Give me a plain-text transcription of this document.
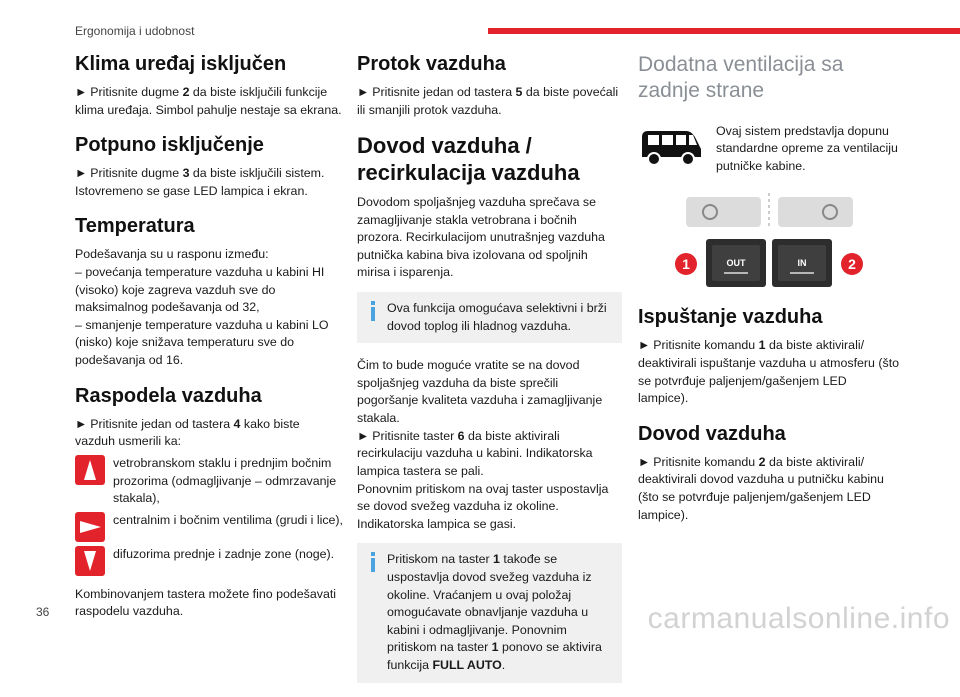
Ergonomija i udobnost
Klima uređaj isključen

► Pritisnite dugme 2 da biste isključili funkcije klima uređaja. Simbol pahulje nestaje sa ekrana.

Potpuno isključenje

► Pritisnite dugme 3 da biste isključili sistem. Istovremeno se gase LED lampica i ekran.

Temperatura

Podešavanja su u rasponu između:

– povećanja temperature vazduha u kabini HI (visoko) koje zagreva vazduh sve do maksimalnog podešavanja od 32,

– smanjenje temperature vazduha u kabini LO (nisko) koje snižava temperaturu sve do podešavanja od 16.

Raspodela vazduha

► Pritisnite jedan od tastera 4 kako biste vazduh usmerili ka:

vetrobranskom staklu i prednjim bočnim prozorima (odmagljivanje – odmrzavanje stakala),
centralnim i bočnim ventilima (grudi i lice),
difuzorima prednje i zadnje zone (noge).

Kombinovanjem tastera možete fino podešavati raspodelu vazduha.

Protok vazduha

► Pritisnite jedan od tastera 5 da biste povećali ili smanjili protok vazduha.

Dovod vazduha / recirkulacija vazduha

Dovodom spoljašnjeg vazduha sprečava se zamagljivanje stakla vetrobrana i bočnih prozora. Recirkulacijom unutrašnjeg vazduha putnička kabina biva izolovana od spoljnih mirisa i isparenja.

Ova funkcija omogućava selektivni i brži dovod toplog ili hladnog vazduha.

Čim to bude moguće vratite se na dovod spoljašnjeg vazduha da biste sprečili pogoršanje kvaliteta vazduha i zamagljivanje stakala.

► Pritisnite taster 6 da biste aktivirali recirkulaciju vazduha u kabini. Indikatorska lampica tastera se pali.

Ponovnim pritiskom na ovaj taster uspostavlja se dovod svežeg vazduha iz okoline. Indikatorska lampica se gasi.

Pritiskom na taster 1 takođe se uspostavlja dovod svežeg vazduha iz okoline. Vraćanjem u ovaj položaj omogućavate obnavljanje vazduha u kabini i odmagljivanje. Ponovnim pritiskom na taster 1 ponovo se aktivira funkcija FULL AUTO.
Dodatna ventilacija sa zadnje strane
Ovaj sistem predstavlja dopunu standardne opreme za ventilaciju putničke kabine.
OUT	IN
1	2
Ispuštanje vazduha

► Pritisnite komandu 1 da biste aktivirali/ deaktivirali ispuštanje vazduha u atmosferu (što se potvrđuje paljenjem/gašenjem LED lampice).

Dovod vazduha

► Pritisnite komandu 2 da biste aktivirali/ deaktivirali dovod vazduha u putničku kabinu (što se potvrđuje paljenjem/gašenjem LED lampice).

36	carmanualsonline.info
